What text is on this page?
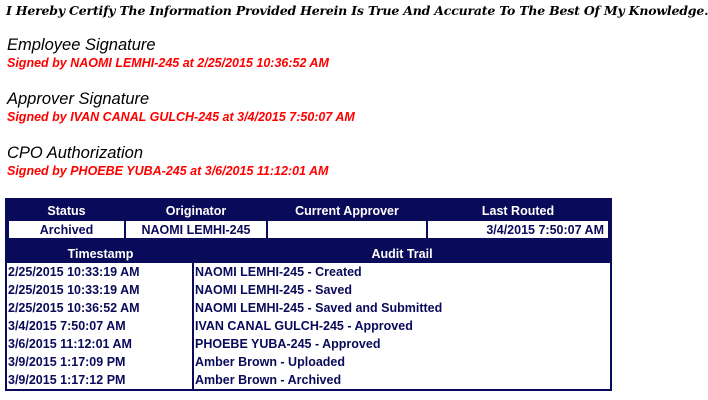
I Hereby Certify The Information Provided Herein Is True And Accurate To The Best Of My Knowledge.
Employee Signature
Signed by NAOMI LEMHI-245 at 2/25/2015 10:36:52 AM
Approver Signature
Signed by IVAN CANAL GULCH-245 at 3/4/2015 7:50:07 AM
CPO Authorization
Signed by PHOEBE YUBA-245 at 3/6/2015 11:12:01 AM
Status	Originator	Current Approver	Last Routed
Archived	NAOMI LEMHI-245		3/4/2015 7:50:07 AM
Timestamp	Audit Trail
2/25/2015 10:33:19 AM	NAOMI LEMHI-245 - Created
2/25/2015 10:33:19 AM	NAOMI LEMHI-245 - Saved
2/25/2015 10:36:52 AM	NAOMI LEMHI-245 - Saved and Submitted
3/4/2015 7:50:07 AM	IVAN CANAL GULCH-245 - Approved
3/6/2015 11:12:01 AM	PHOEBE YUBA-245 - Approved
3/9/2015 1:17:09 PM	Amber Brown - Uploaded
3/9/2015 1:17:12 PM	Amber Brown - Archived
